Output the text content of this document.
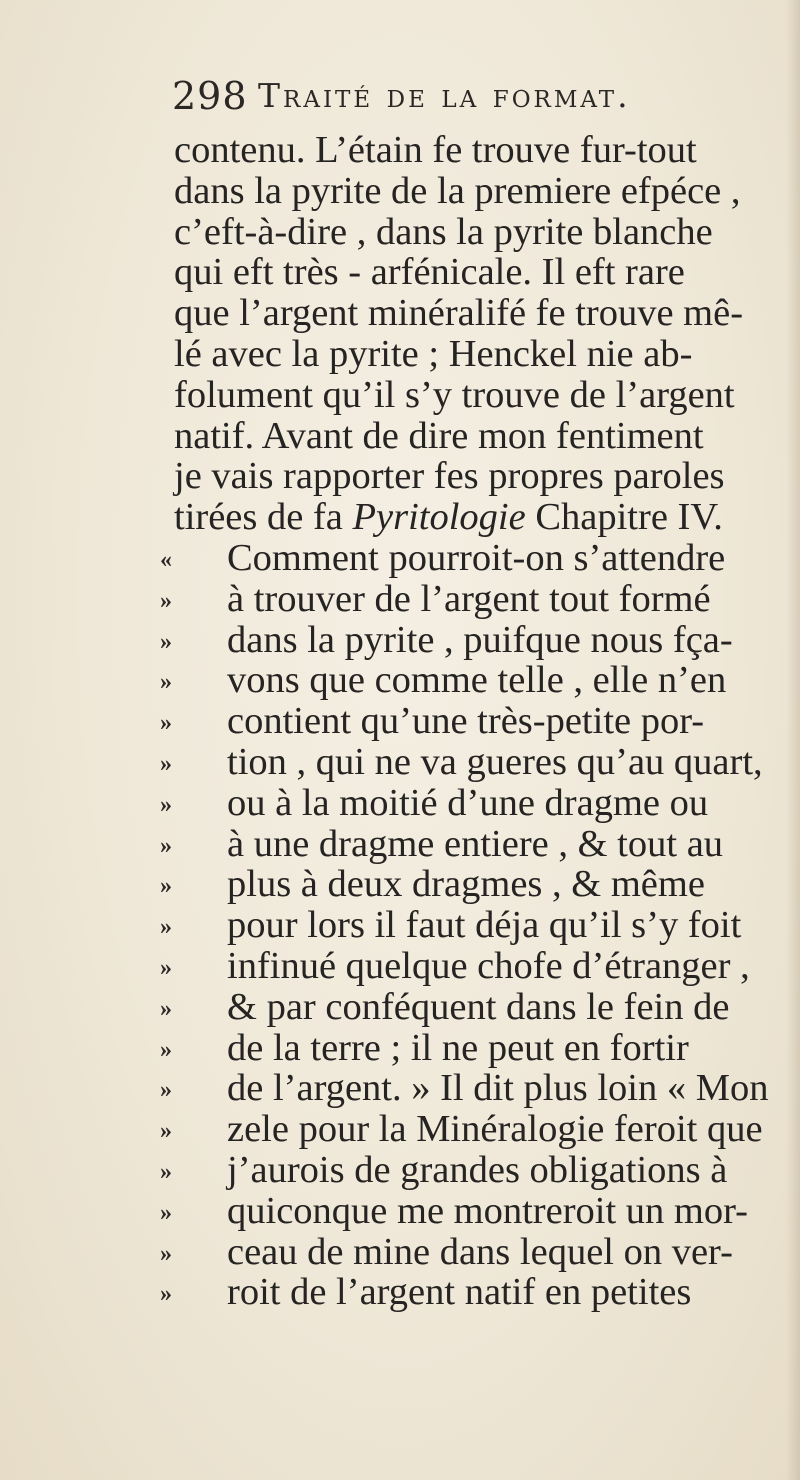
298 Traité de la format.
contenu. L’étain fe trouve fur-tout
dans la pyrite de la premiere efpéce ,
c’eft-à-dire , dans la pyrite blanche
qui eft très - arfénicale. Il eft rare
que l’argent minéralifé fe trouve mê-
lé avec la pyrite ; Henckel nie ab-
folument qu’il s’y trouve de l’argent
natif. Avant de dire mon fentiment
je vais rapporter fes propres paroles
tirées de fa Pyritologie Chapitre IV.
« Comment pourroit-on s’attendre
» à trouver de l’argent tout formé
» dans la pyrite , puifque nous fça-
» vons que comme telle , elle n’en
» contient qu’une très-petite por-
» tion , qui ne va gueres qu’au quart,
» ou à la moitié d’une dragme ou
» à une dragme entiere , & tout au
» plus à deux dragmes , & même
» pour lors il faut déja qu’il s’y foit
» infinué quelque chofe d’étranger ,
» & par conféquent dans le fein de
» de la terre ; il ne peut en fortir
» de l’argent. » Il dit plus loin « Mon
» zele pour la Minéralogie feroit que
» j’aurois de grandes obligations à
» quiconque me montreroit un mor-
» ceau de mine dans lequel on ver-
» roit de l’argent natif en petites
